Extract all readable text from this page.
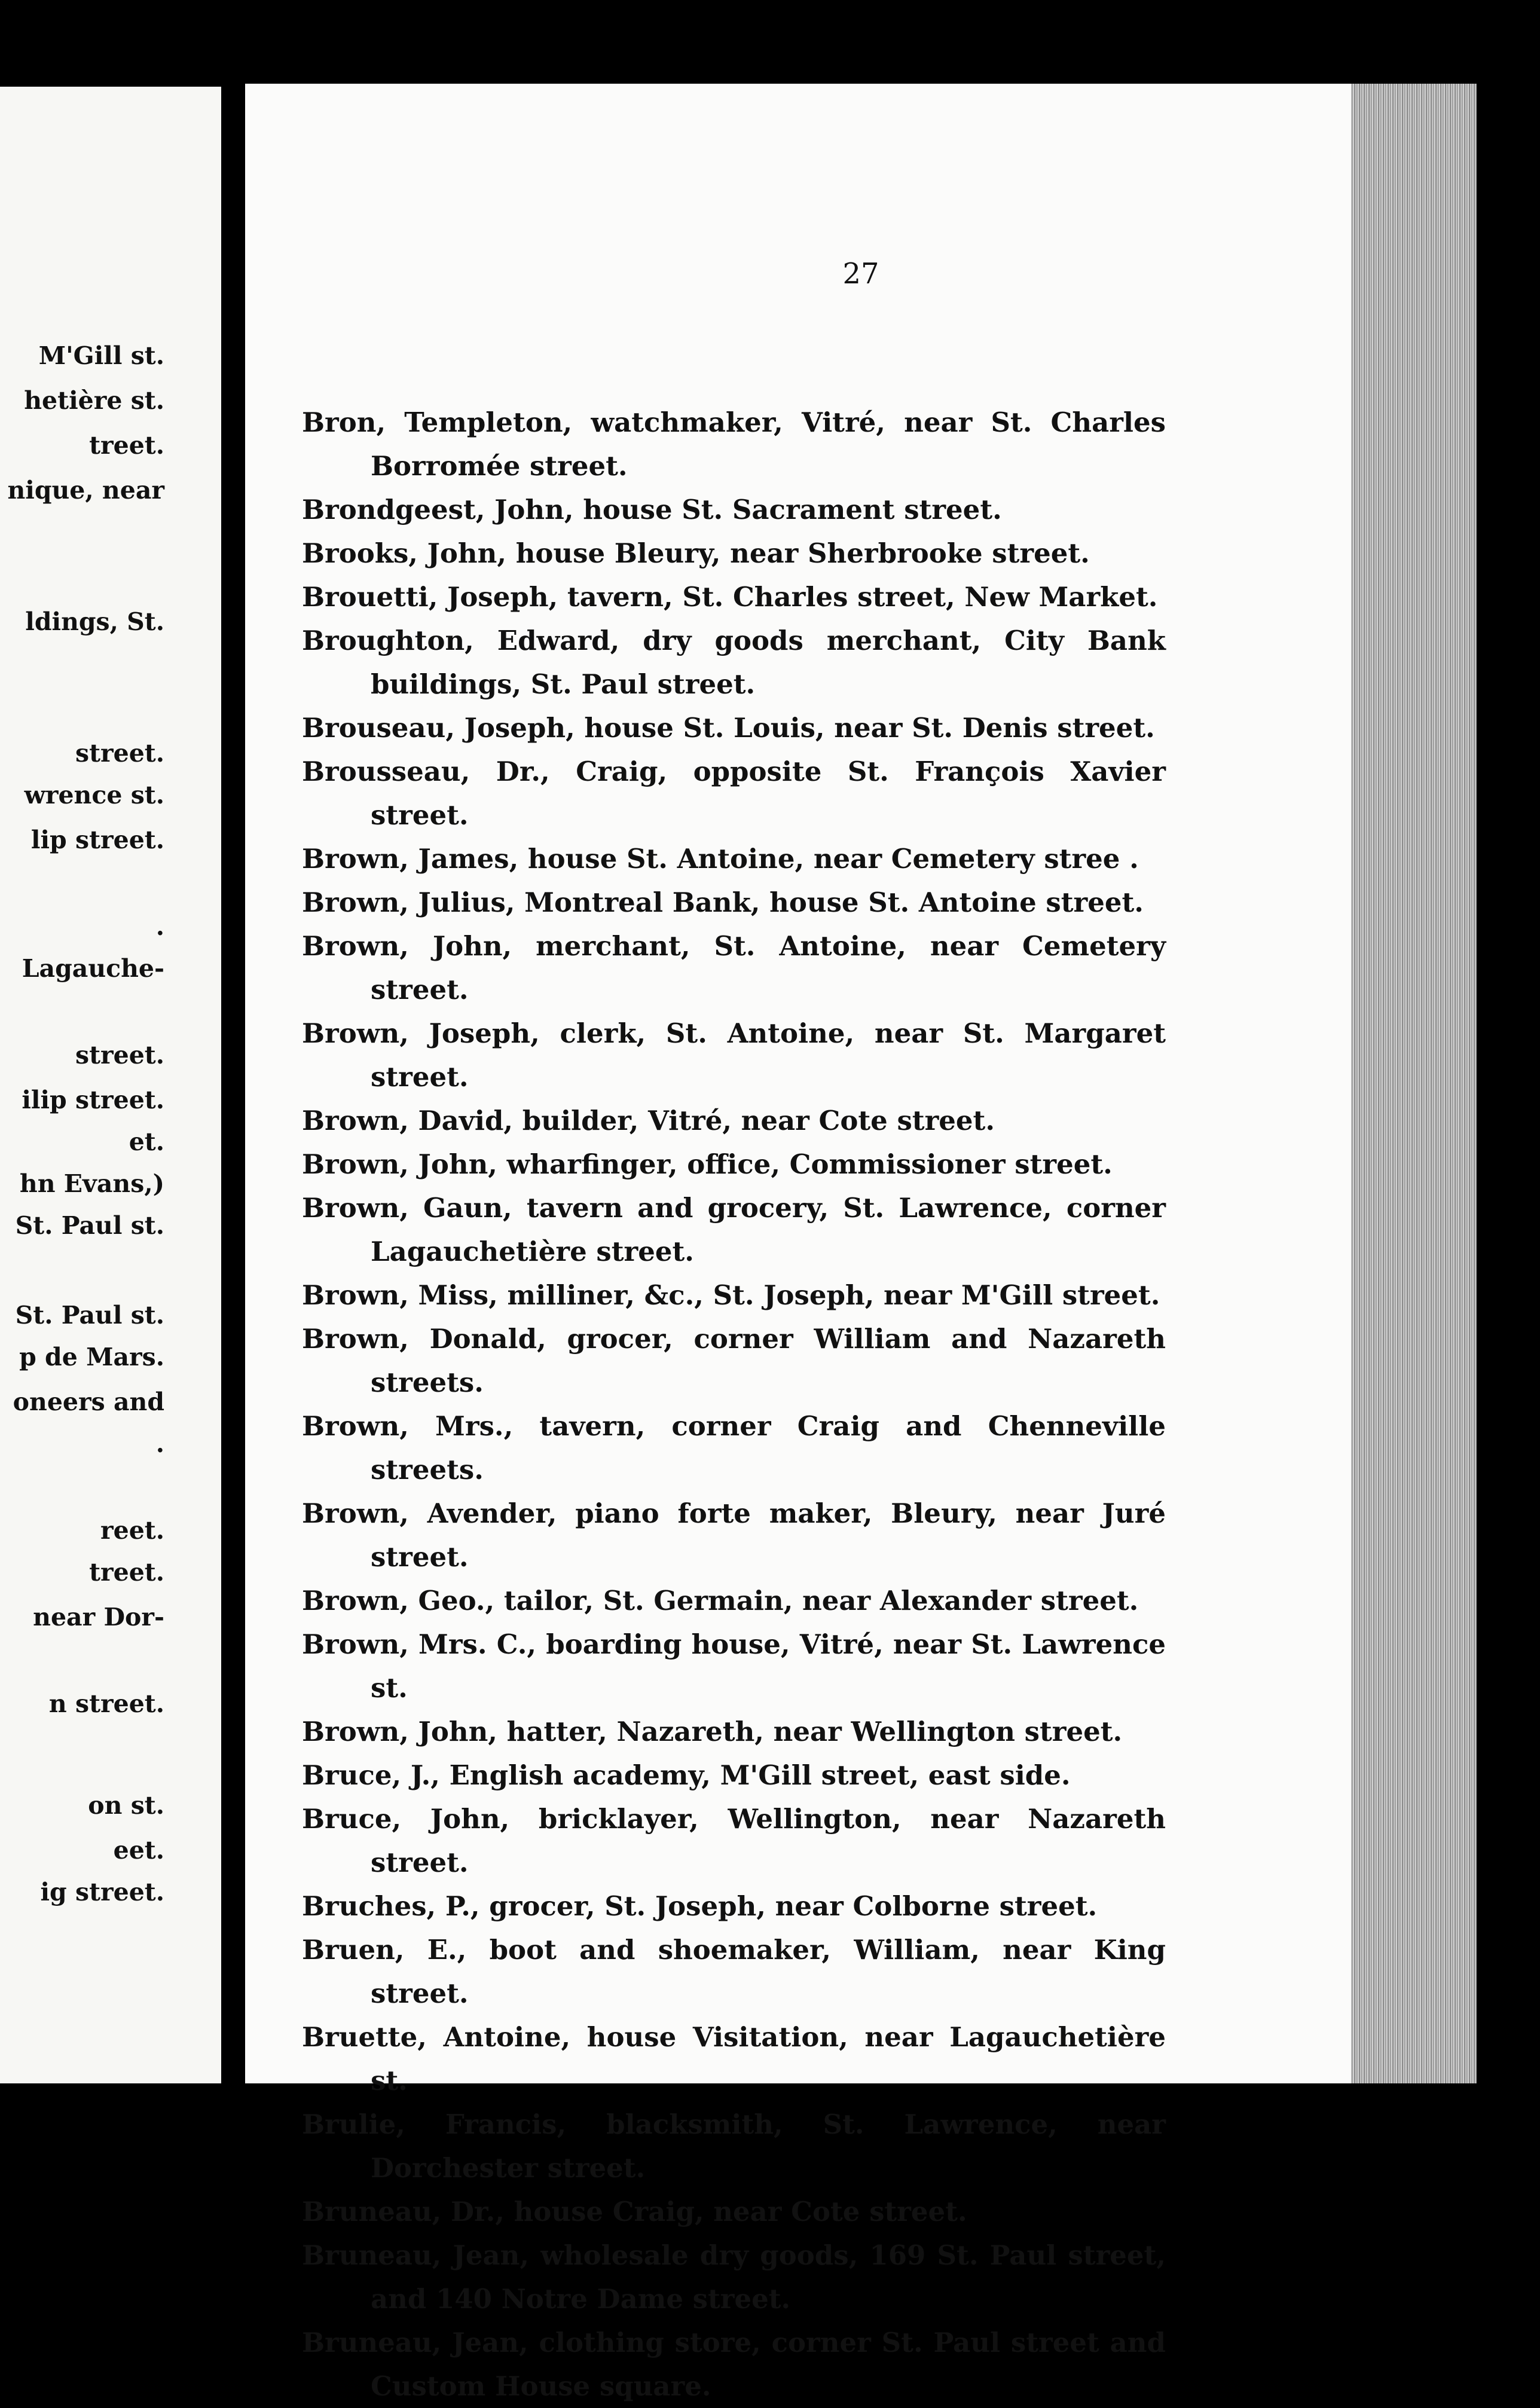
M'Gill st.
hetière st.
treet.
nique, near
ldings, St.
street.
wrence st.
lip street.
.
Lagauche-
street.
ilip street.
et.
hn Evans,)
St. Paul st.
St. Paul st.
p de Mars.
oneers and
.
reet.
treet.
near Dor-
n street.
on st.
eet.
ig street.
27
Bron, Templeton, watchmaker, Vitré, near St. Charles Borromée street.
Brondgeest, John, house St. Sacrament street.
Brooks, John, house Bleury, near Sherbrooke street.
Brouetti, Joseph, tavern, St. Charles street, New Market.
Broughton, Edward, dry goods merchant, City Bank buildings, St. Paul street.
Brouseau, Joseph, house St. Louis, near St. Denis street.
Brousseau, Dr., Craig, opposite St. François Xavier street.
Brown, James, house St. Antoine, near Cemetery stree .
Brown, Julius, Montreal Bank, house St. Antoine street.
Brown, John, merchant, St. Antoine, near Cemetery street.
Brown, Joseph, clerk, St. Antoine, near St. Margaret street.
Brown, David, builder, Vitré, near Cote street.
Brown, John, wharfinger, office, Commissioner street.
Brown, Gaun, tavern and grocery, St. Lawrence, corner Lagauchetière street.
Brown, Miss, milliner, &c., St. Joseph, near M'Gill street.
Brown, Donald, grocer, corner William and Nazareth streets.
Brown, Mrs., tavern, corner Craig and Chenneville streets.
Brown, Avender, piano forte maker, Bleury, near Juré street.
Brown, Geo., tailor, St. Germain, near Alexander street.
Brown, Mrs. C., boarding house, Vitré, near St. Lawrence st.
Brown, John, hatter, Nazareth, near Wellington street.
Bruce, J., English academy, M'Gill street, east side.
Bruce, John, bricklayer, Wellington, near Nazareth street.
Bruches, P., grocer, St. Joseph, near Colborne street.
Bruen, E., boot and shoemaker, William, near King street.
Bruette, Antoine, house Visitation, near Lagauchetière st.
Brulie, Francis, blacksmith, St. Lawrence, near Dorchester street.
Bruneau, Dr., house Craig, near Cote street.
Bruneau, Jean, wholesale dry goods, 169 St. Paul street, and 140 Notre Dame street.
Bruneau, Jean, clothing store, corner St. Paul street and Custom House square.
